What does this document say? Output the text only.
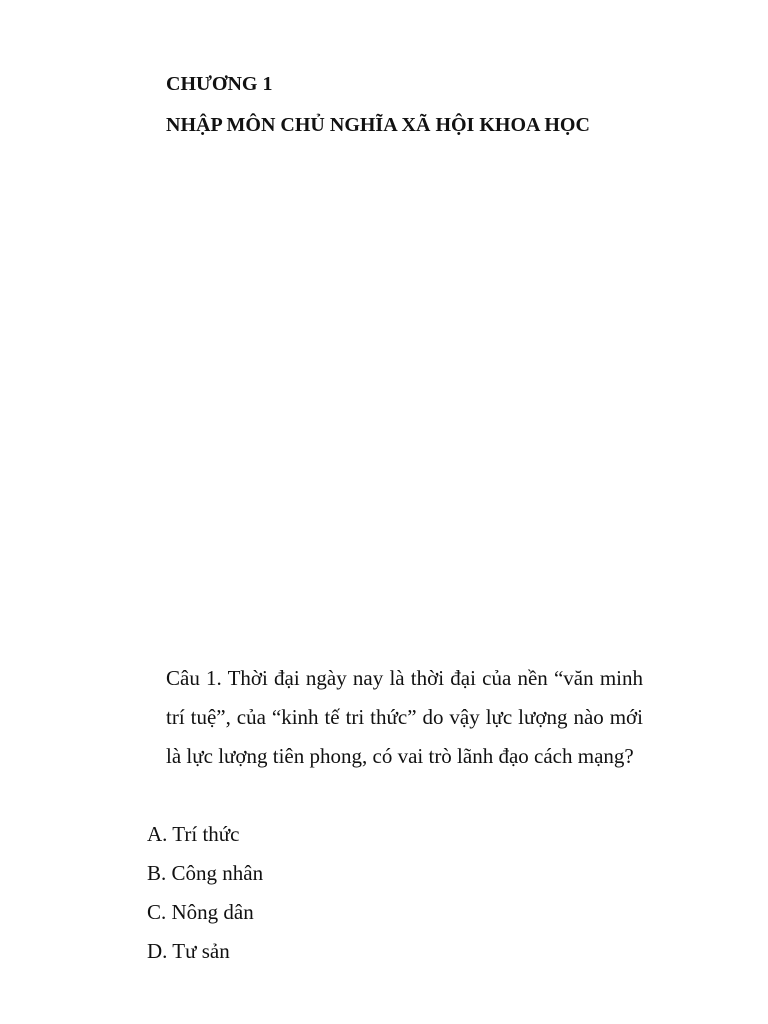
CHƯƠNG 1
NHẬP MÔN CHỦ NGHĨA XÃ HỘI KHOA HỌC

Câu 1. Thời đại ngày nay là thời đại của nền “văn minh trí tuệ”, của “kinh tế tri thức” do vậy lực lượng nào mới là lực lượng tiên phong, có vai trò lãnh đạo cách mạng?

A. Trí thức
B. Công nhân
C. Nông dân
D. Tư sản
